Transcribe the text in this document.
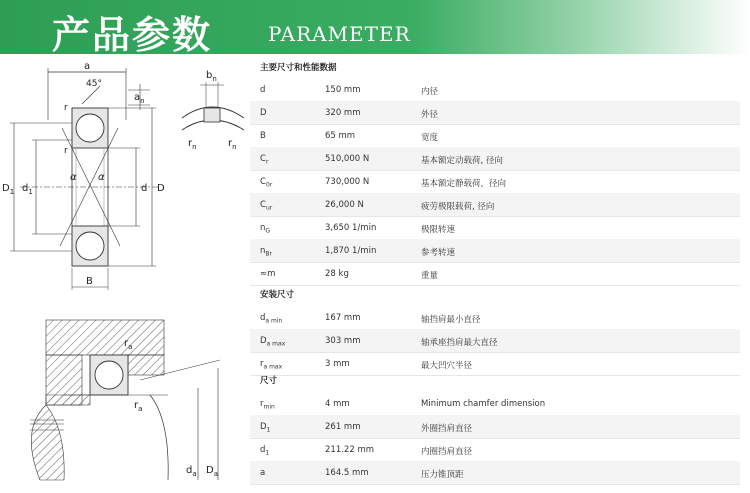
产品参数	PARAMETER
a
45°
$a_n$
α α
r
r
$D_1$ $d_1$	d D
B
$b_n$
$r_n$	$r_n$
$r_a$
$r_a$
$d_a$ $D_a$
主要尺寸和性能数据
d	150 mm	内径
D	320 mm	外径
B	65 mm	宽度
$C_r$	510,000 N	基本额定动载荷, 径向
$C_{0r}$	730,000 N	基本额定静载荷，径向
$C_{ur}$	26,000 N	疲劳极限载荷, 径向
$n_G$	3,650 1/min	极限转速
$n_{Br}$	1,870 1/min	参考转速
≈m	28 kg	重量
安装尺寸
$d_{a min}$	167 mm	轴挡肩最小直径
$D_{a max}$	303 mm	轴承座挡肩最大直径
$r_{a max}$	3 mm	最大凹穴半径
尺寸
$r_{min}$	4 mm	Minimum chamfer dimension
$D_1$	261 mm	外圈挡肩直径
$d_1$	211.22 mm	内圈挡肩直径
a	164.5 mm	压力锥顶距
